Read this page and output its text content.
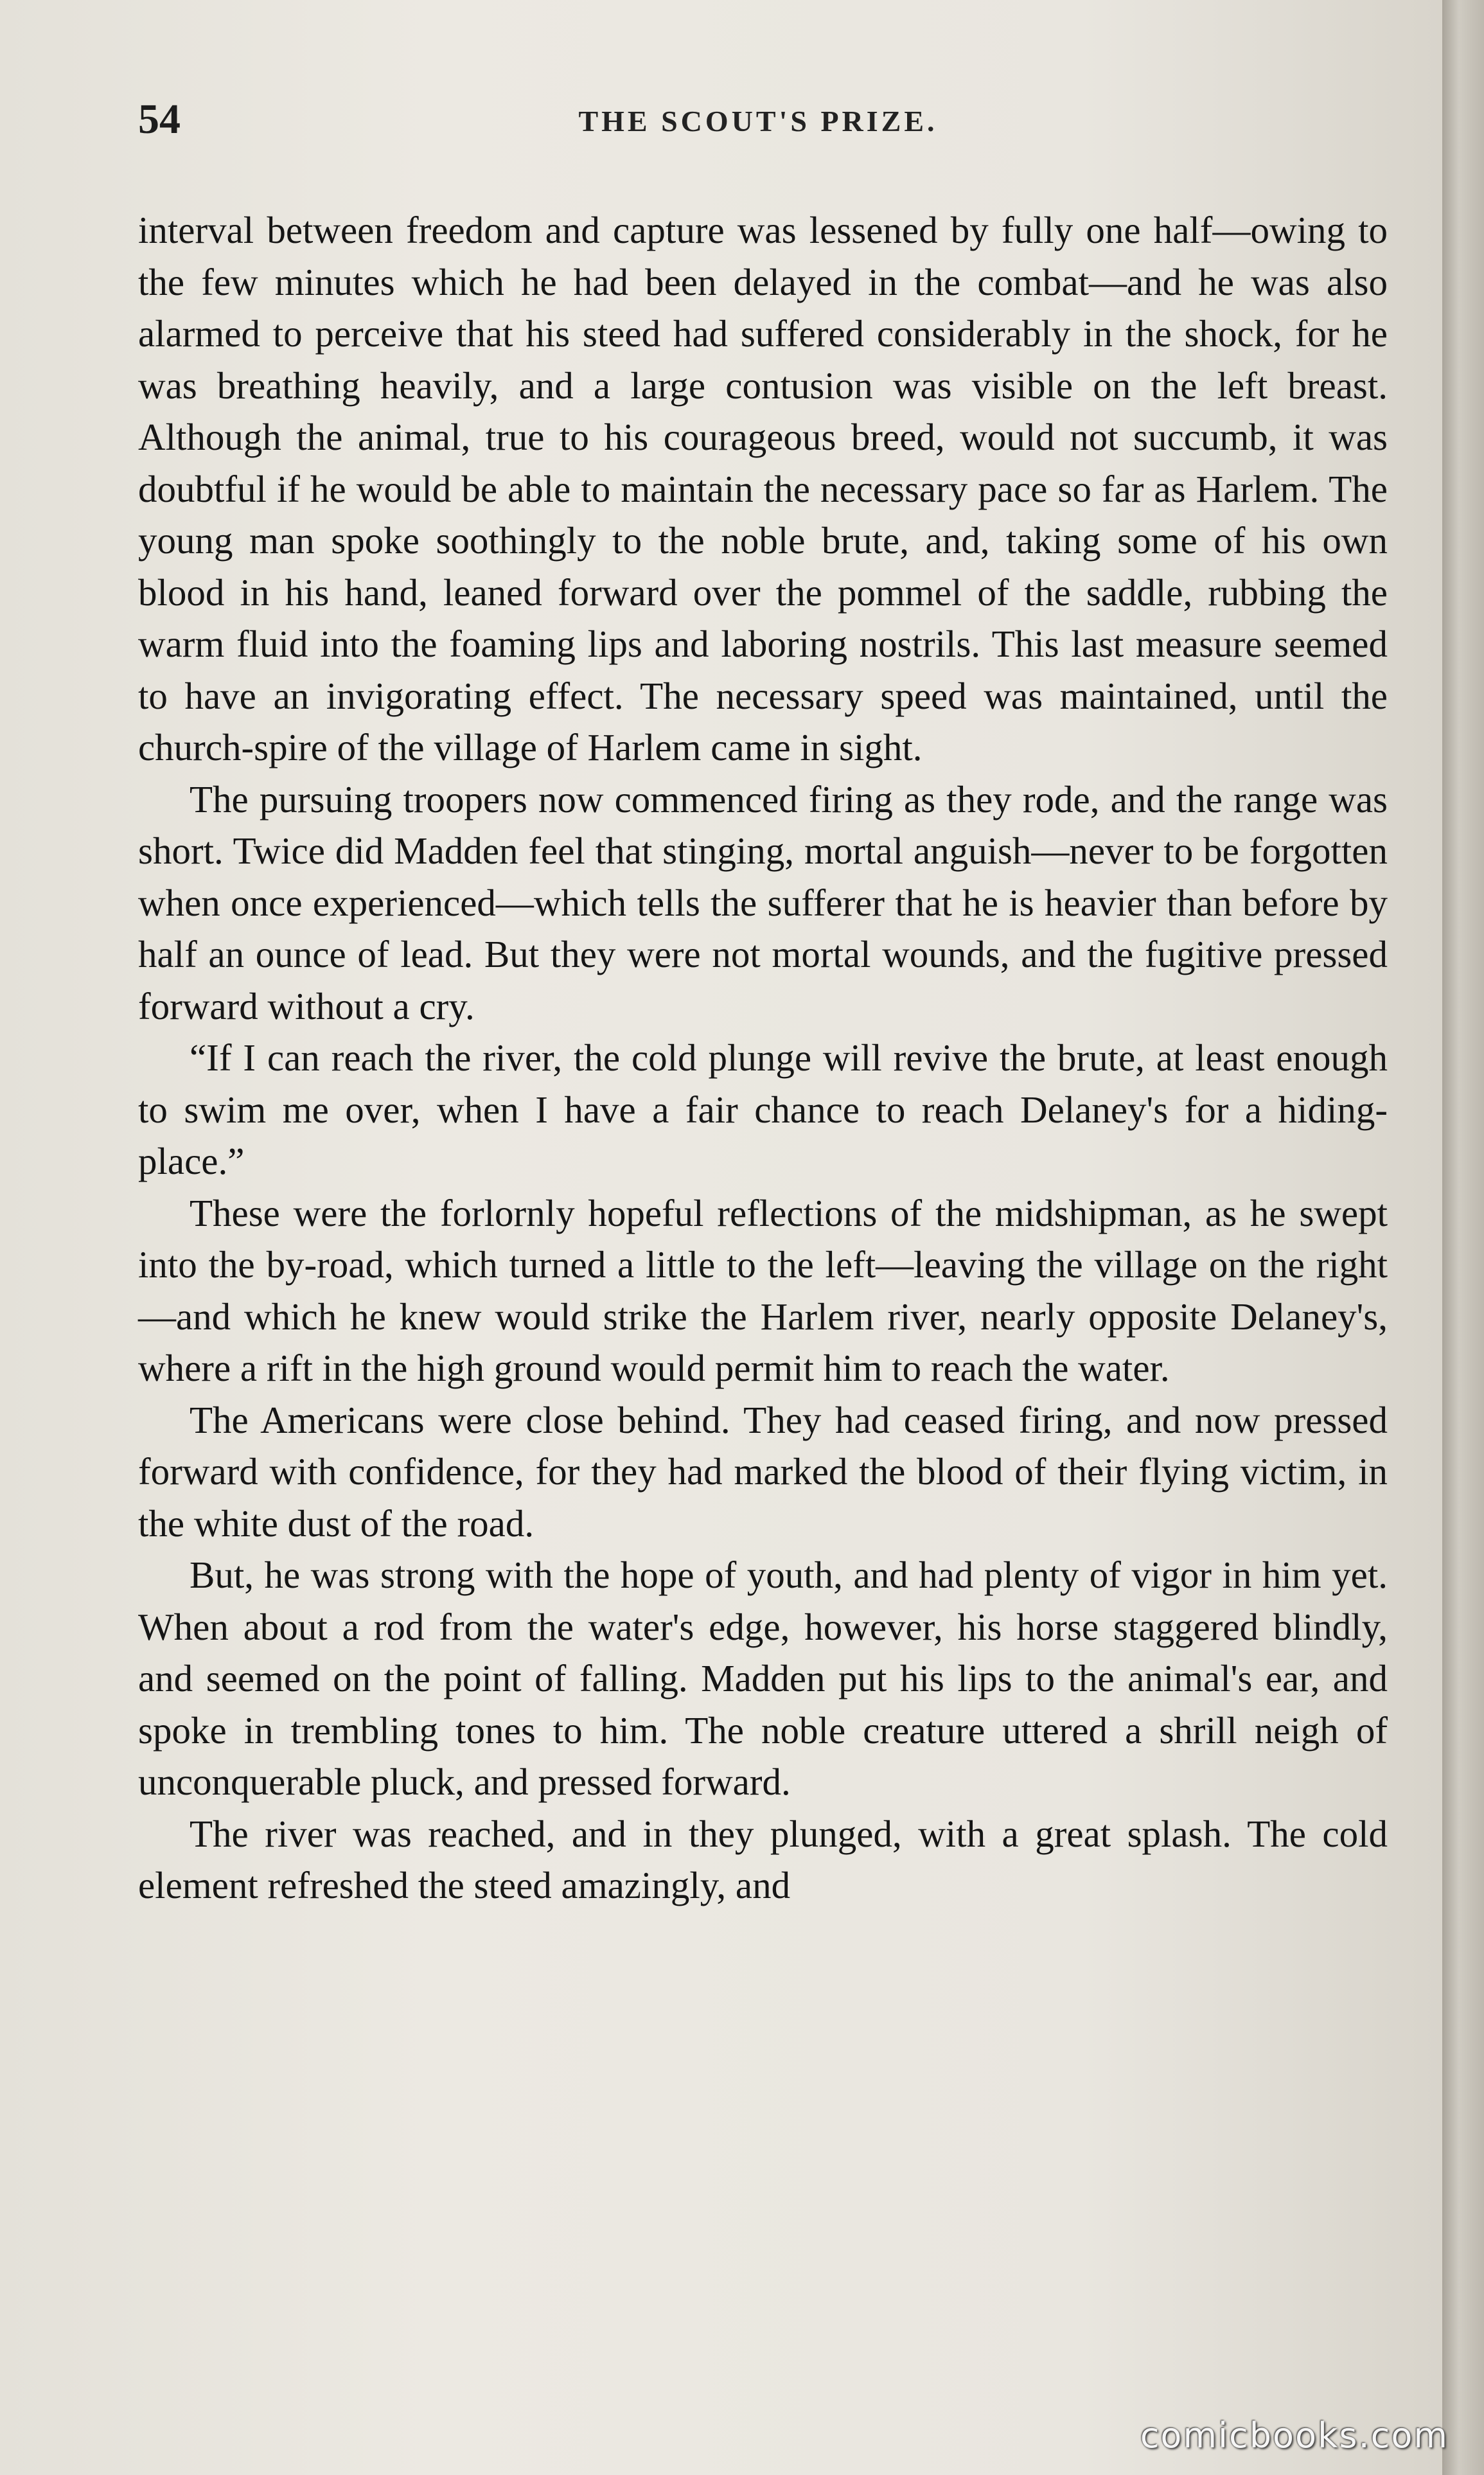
54	THE SCOUT'S PRIZE.

interval between freedom and capture was lessened by fully one half—owing to the few minutes which he had been delayed in the combat—and he was also alarmed to perceive that his steed had suffered considerably in the shock, for he was breathing heavily, and a large contusion was visible on the left breast. Although the animal, true to his courageous breed, would not succumb, it was doubtful if he would be able to maintain the necessary pace so far as Harlem. The young man spoke soothingly to the noble brute, and, taking some of his own blood in his hand, leaned forward over the pommel of the saddle, rubbing the warm fluid into the foaming lips and laboring nostrils. This last measure seemed to have an invigorating effect. The necessary speed was maintained, until the church-spire of the village of Harlem came in sight.

The pursuing troopers now commenced firing as they rode, and the range was short. Twice did Madden feel that stinging, mortal anguish—never to be forgotten when once experienced—which tells the sufferer that he is heavier than before by half an ounce of lead. But they were not mortal wounds, and the fugitive pressed forward without a cry.

“If I can reach the river, the cold plunge will revive the brute, at least enough to swim me over, when I have a fair chance to reach Delaney's for a hiding-place.”

These were the forlornly hopeful reflections of the midshipman, as he swept into the by-road, which turned a little to the left—leaving the village on the right—and which he knew would strike the Harlem river, nearly opposite Delaney's, where a rift in the high ground would permit him to reach the water.

The Americans were close behind. They had ceased firing, and now pressed forward with confidence, for they had marked the blood of their flying victim, in the white dust of the road.

But, he was strong with the hope of youth, and had plenty of vigor in him yet. When about a rod from the water's edge, however, his horse staggered blindly, and seemed on the point of falling. Madden put his lips to the animal's ear, and spoke in trembling tones to him. The noble creature uttered a shrill neigh of unconquerable pluck, and pressed forward.

The river was reached, and in they plunged, with a great splash. The cold element refreshed the steed amazingly, and

comicbooks.com
